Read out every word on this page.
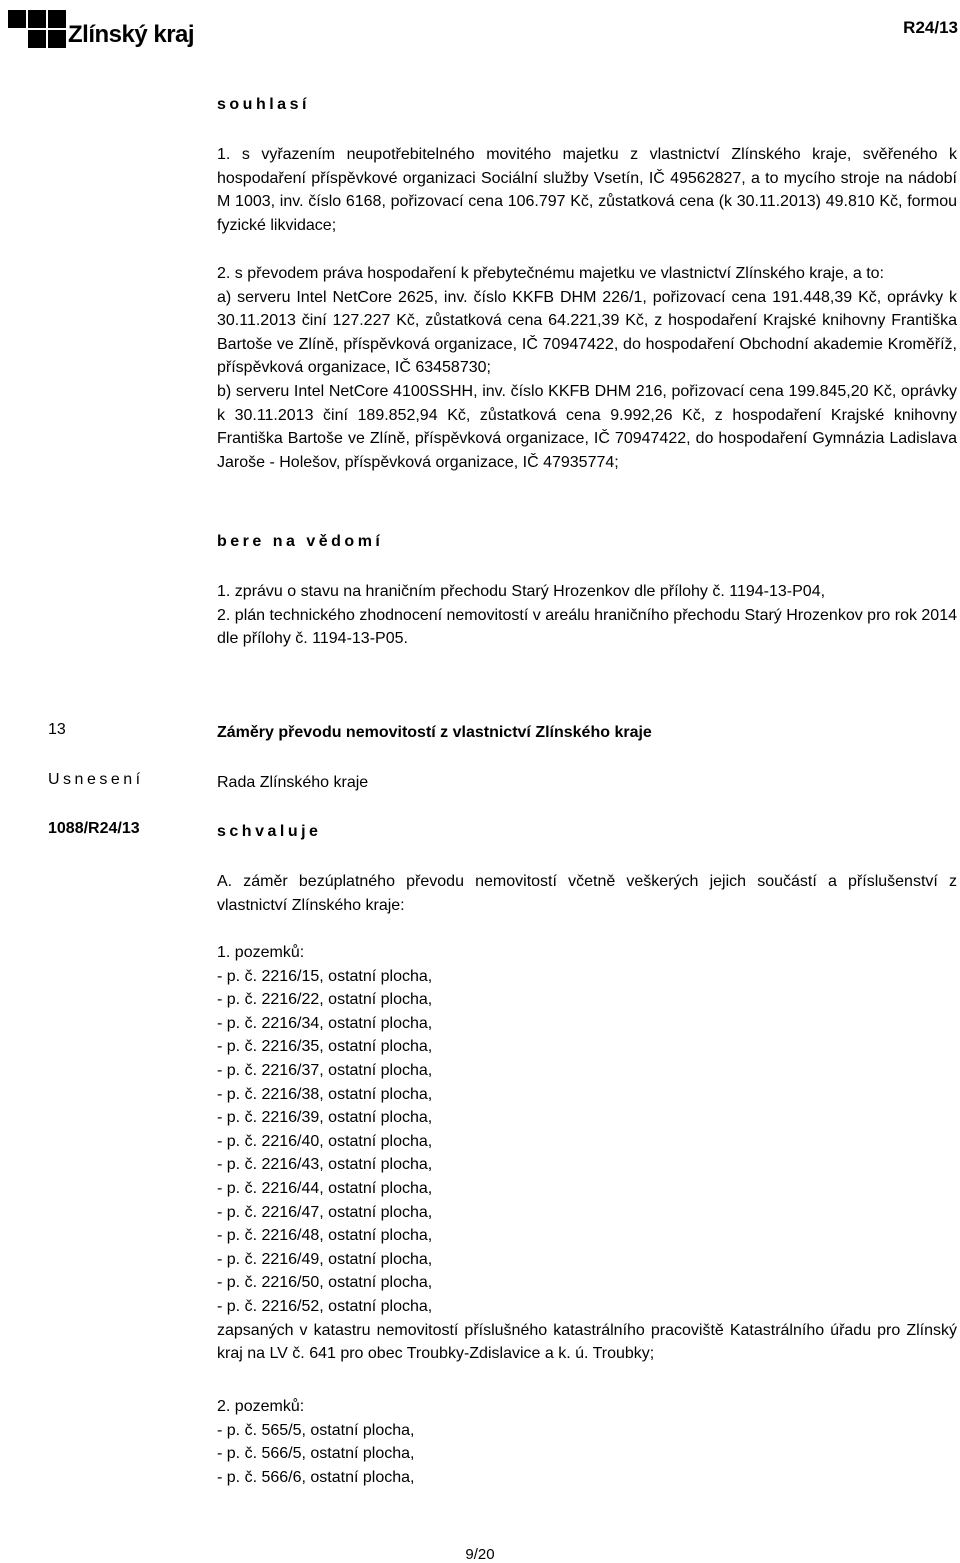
Zlínský kraj	R24/13

souhlasí

1. s vyřazením neupotřebitelného movitého majetku z vlastnictví Zlínského kraje, svěřeného k hospodaření příspěvkové organizaci Sociální služby Vsetín, IČ 49562827, a to mycího stroje na nádobí M 1003, inv. číslo 6168, pořizovací cena 106.797 Kč, zůstatková cena (k 30.11.2013) 49.810 Kč, formou fyzické likvidace;

2. s převodem práva hospodaření k přebytečnému majetku ve vlastnictví Zlínského kraje, a to:

a) serveru Intel NetCore 2625, inv. číslo KKFB DHM 226/1, pořizovací cena 191.448,39 Kč, oprávky k 30.11.2013 činí 127.227 Kč, zůstatková cena 64.221,39 Kč, z hospodaření Krajské knihovny Františka Bartoše ve Zlíně, příspěvková organizace, IČ 70947422, do hospodaření Obchodní akademie Kroměříž, příspěvková organizace, IČ 63458730;

b) serveru Intel NetCore 4100SSHH, inv. číslo KKFB DHM 216, pořizovací cena 199.845,20 Kč, oprávky k 30.11.2013 činí 189.852,94 Kč, zůstatková cena 9.992,26 Kč, z hospodaření Krajské knihovny Františka Bartoše ve Zlíně, příspěvková organizace, IČ 70947422, do hospodaření Gymnázia Ladislava Jaroše - Holešov, příspěvková organizace, IČ 47935774;

bere na vědomí

1. zprávu o stavu na hraničním přechodu Starý Hrozenkov dle přílohy č. 1194-13-P04,

2. plán technického zhodnocení nemovitostí v areálu hraničního přechodu Starý Hrozenkov pro rok 2014 dle přílohy č. 1194-13-P05.

13	Záměry převodu nemovitostí z vlastnictví Zlínského kraje
Usnesení	Rada Zlínského kraje
1088/R24/13	schvaluje

A. záměr bezúplatného převodu nemovitostí včetně veškerých jejich součástí a příslušenství z vlastnictví Zlínského kraje:

1. pozemků:

- p. č. 2216/15, ostatní plocha,
- p. č. 2216/22, ostatní plocha,
- p. č. 2216/34, ostatní plocha,
- p. č. 2216/35, ostatní plocha,
- p. č. 2216/37, ostatní plocha,
- p. č. 2216/38, ostatní plocha,
- p. č. 2216/39, ostatní plocha,
- p. č. 2216/40, ostatní plocha,
- p. č. 2216/43, ostatní plocha,
- p. č. 2216/44, ostatní plocha,
- p. č. 2216/47, ostatní plocha,
- p. č. 2216/48, ostatní plocha,
- p. č. 2216/49, ostatní plocha,
- p. č. 2216/50, ostatní plocha,
- p. č. 2216/52, ostatní plocha,

zapsaných v katastru nemovitostí příslušného katastrálního pracoviště Katastrálního úřadu pro Zlínský kraj na LV č. 641 pro obec Troubky-Zdislavice a k. ú. Troubky;

2. pozemků:

- p. č. 565/5, ostatní plocha,
- p. č. 566/5, ostatní plocha,
- p. č. 566/6, ostatní plocha,
9/20
